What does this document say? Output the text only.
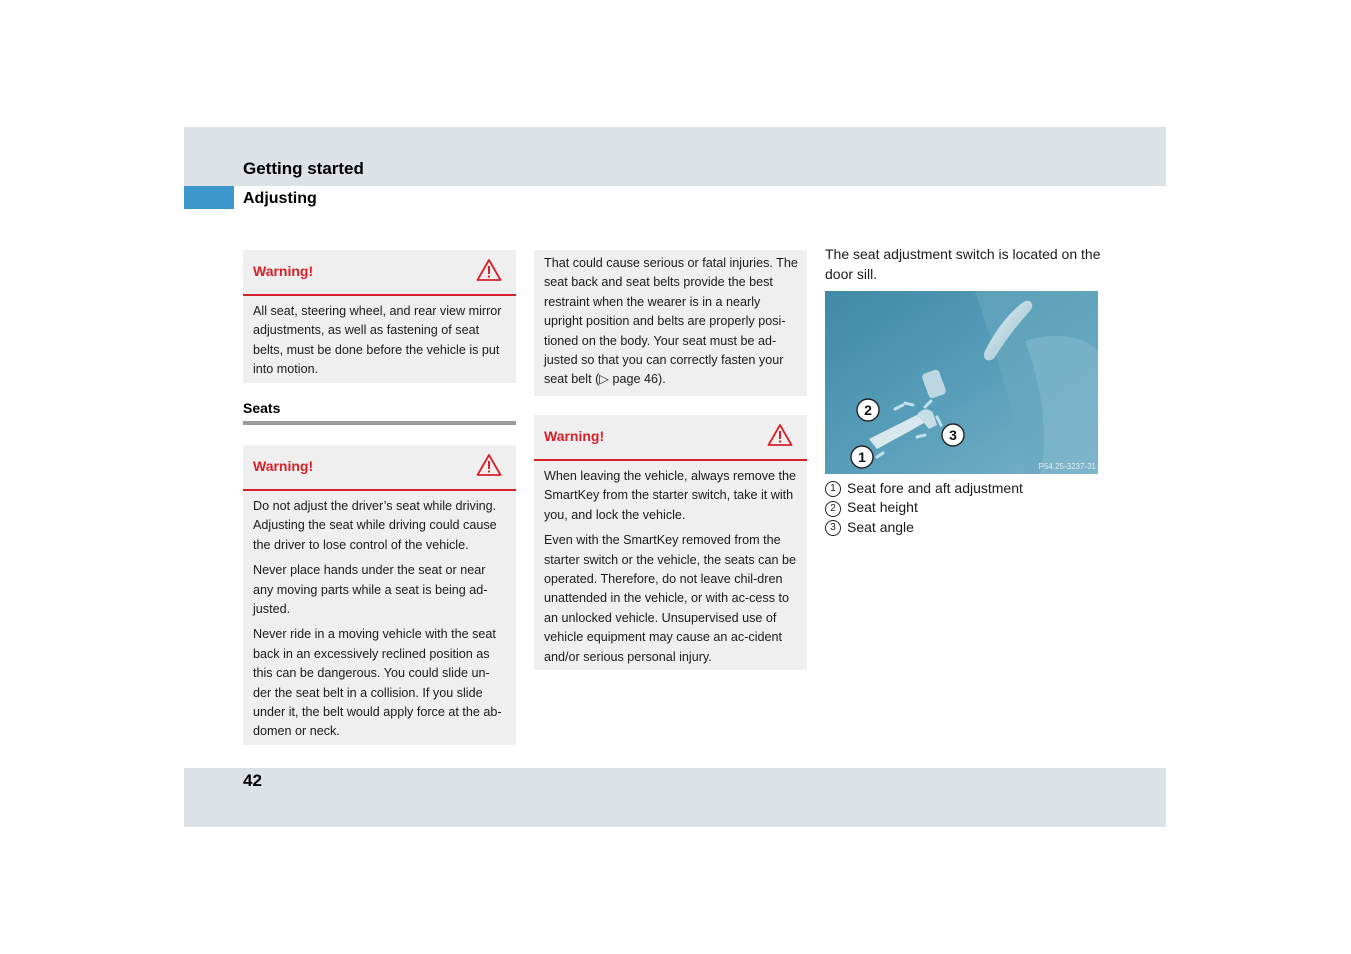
Getting started
Adjusting
Warning!

All seat, steering wheel, and rear view mirror adjustments, as well as fastening of seat belts, must be done before the vehicle is put into motion.

Seats
Warning!

Do not adjust the driver’s seat while driving. Adjusting the seat while driving could cause the driver to lose control of the vehicle.

Never place hands under the seat or near any moving parts while a seat is being ad-justed.

Never ride in a moving vehicle with the seat back in an excessively reclined position as this can be dangerous. You could slide un-der the seat belt in a collision. If you slide under it, the belt would apply force at the ab-domen or neck.

That could cause serious or fatal injuries. The seat back and seat belts provide the best restraint when the wearer is in a nearly upright position and belts are properly posi-tioned on the body. Your seat must be ad-justed so that you can correctly fasten your seat belt (▷ page 46).

Warning!

When leaving the vehicle, always remove the SmartKey from the starter switch, take it with you, and lock the vehicle.

Even with the SmartKey removed from the starter switch or the vehicle, the seats can be operated. Therefore, do not leave chil-dren unattended in the vehicle, or with ac-cess to an unlocked vehicle. Unsupervised use of vehicle equipment may cause an ac-cident and/or serious personal injury.

The seat adjustment switch is located on the door sill.
2
3
1
P54.25-3237-31
1 Seat fore and aft adjustment
2 Seat height
3 Seat angle
42
